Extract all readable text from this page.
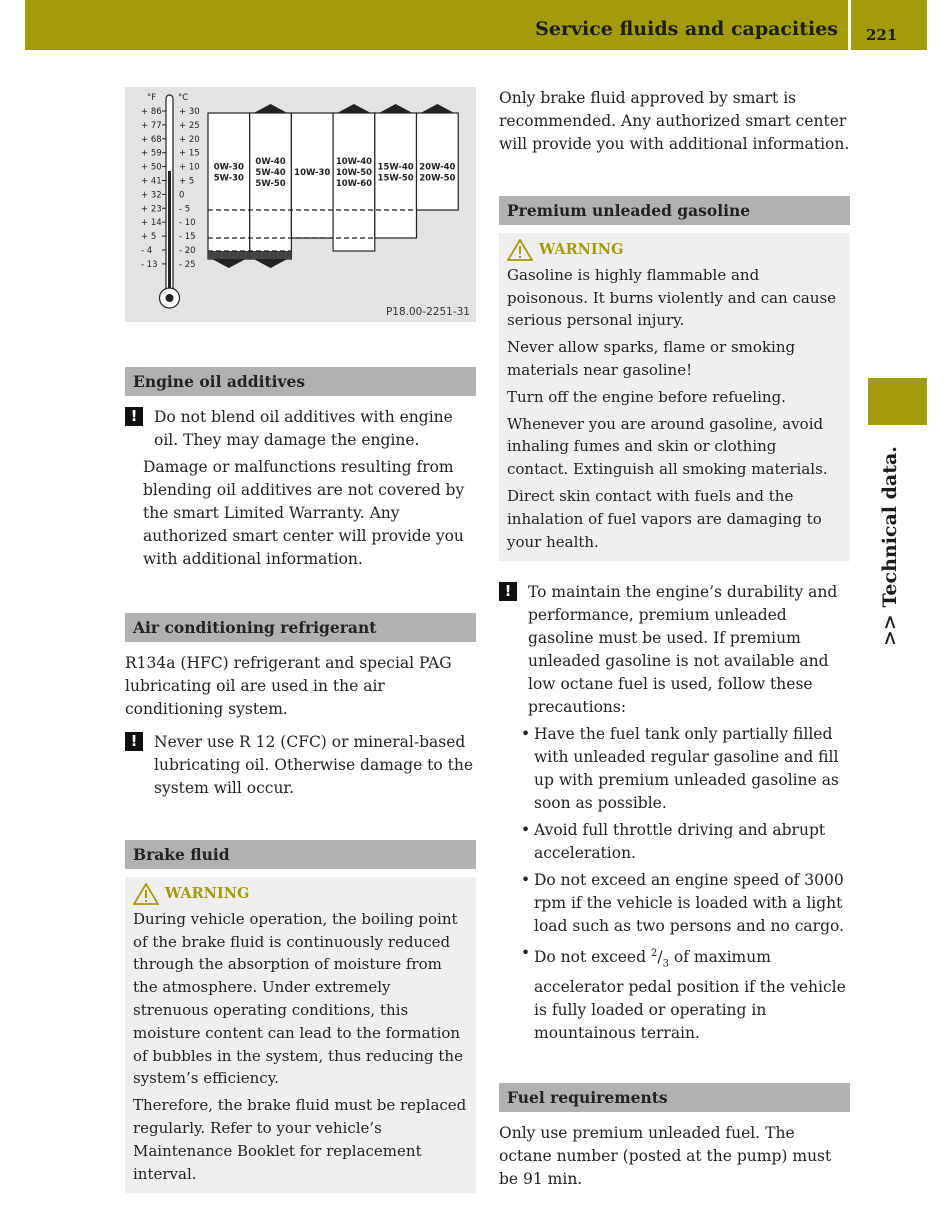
Service fluids and capacities 221
>> Technical data.
+ 86
+ 77
+ 68
+ 59
+ 50
+ 41
+ 32
+ 23
+ 14
+ 5
- 4
- 13
+ 30
+ 25
+ 20
+ 15
+ 10
+ 5
0
- 5
- 10
- 15
- 20
- 25
°F	°C
0W-30
5W-30
0W-40
5W-40
5W-50
10W-30
10W-40
10W-50
10W-60
15W-40
15W-50
20W-40
20W-50
P18.00-2251-31
Engine oil additives
!	Do not blend oil additives with engine oil. They may damage the engine.

Damage or malfunctions resulting from blending oil additives are not covered by the smart Limited Warranty. Any authorized smart center will provide you with additional information.

Air conditioning refrigerant

R134a (HFC) refrigerant and special PAG lubricating oil are used in the air conditioning system.

!	Never use R 12 (CFC) or mineral-based lubricating oil. Otherwise damage to the system will occur.

Brake fluid
WARNING

During vehicle operation, the boiling point of the brake fluid is continuously reduced through the absorption of moisture from the atmosphere. Under extremely strenuous operating conditions, this moisture content can lead to the formation of bubbles in the system, thus reducing the system’s efficiency.

Therefore, the brake fluid must be replaced regularly. Refer to your vehicle’s Maintenance Booklet for replacement interval.

Only brake fluid approved by smart is recommended. Any authorized smart center will provide you with additional information.

Premium unleaded gasoline
WARNING

Gasoline is highly flammable and poisonous. It burns violently and can cause serious personal injury.

Never allow sparks, flame or smoking materials near gasoline!

Turn off the engine before refueling.

Whenever you are around gasoline, avoid inhaling fumes and skin or clothing contact. Extinguish all smoking materials.

Direct skin contact with fuels and the inhalation of fuel vapors are damaging to your health.

!	To maintain the engine’s durability and performance, premium unleaded gasoline must be used. If premium unleaded gasoline is not available and low octane fuel is used, follow these precautions:

• Have the fuel tank only partially filled with unleaded regular gasoline and fill up with premium unleaded gasoline as soon as possible.
• Avoid full throttle driving and abrupt acceleration.
• Do not exceed an engine speed of 3000 rpm if the vehicle is loaded with a light load such as two persons and no cargo.
• Do not exceed $^2/_3$ of maximum accelerator pedal position if the vehicle is fully loaded or operating in mountainous terrain.
Fuel requirements

Only use premium unleaded fuel. The octane number (posted at the pump) must be 91 min.
